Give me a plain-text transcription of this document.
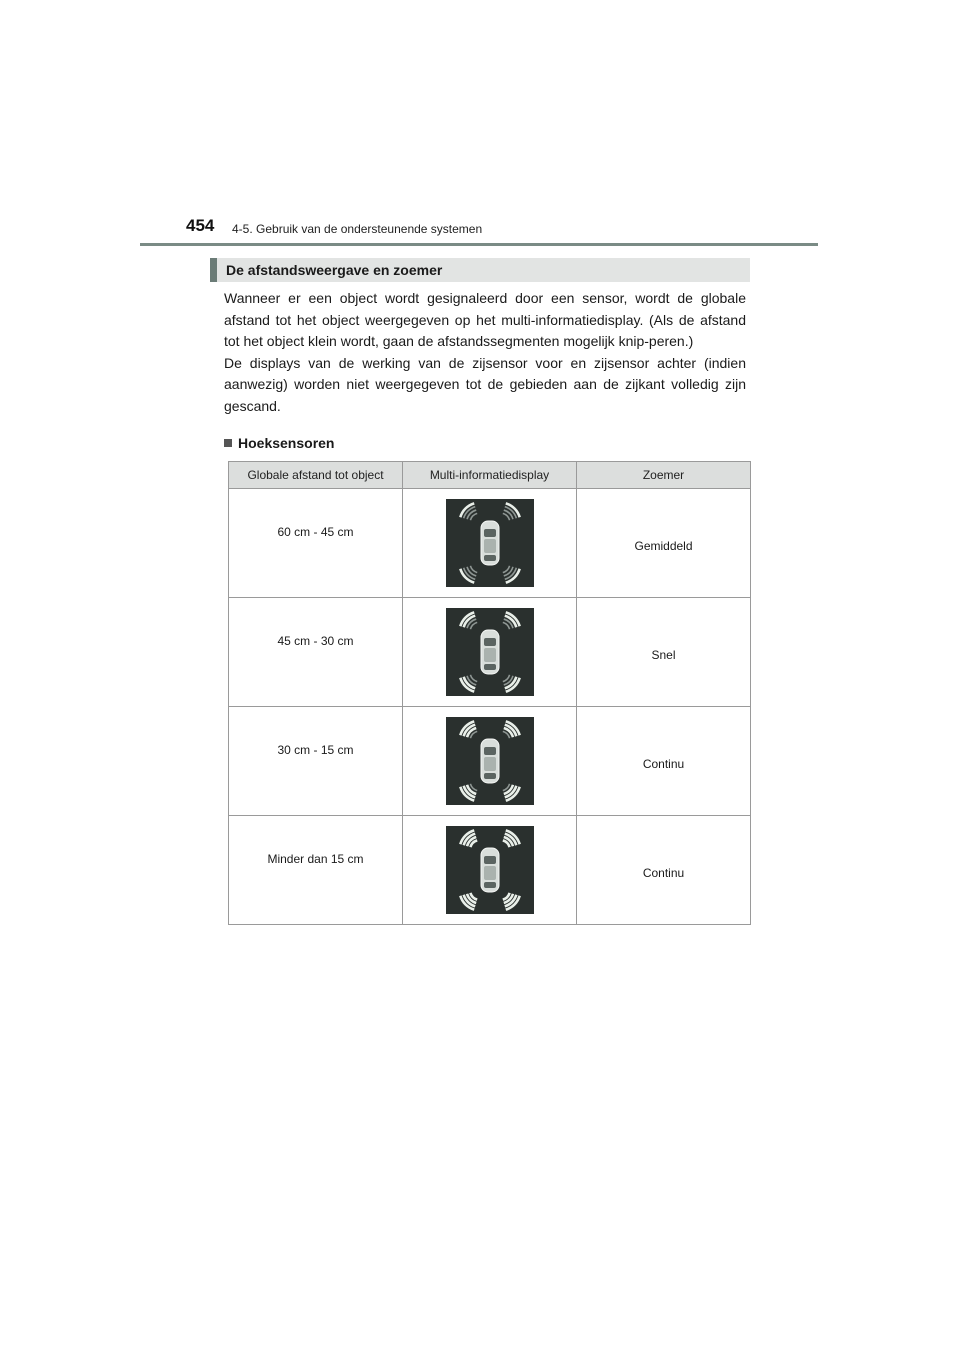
454 4-5. Gebruik van de ondersteunende systemen
De afstandsweergave en zoemer

Wanneer er een object wordt gesignaleerd door een sensor, wordt de globale afstand tot het object weergegeven op het multi-informatiedisplay. (Als de afstand tot het object klein wordt, gaan de afstandssegmenten mogelijk knip-peren.)

De displays van de werking van de zijsensor voor en zijsensor achter (indien aanwezig) worden niet weergegeven tot de gebieden aan de zijkant volledig zijn gescand.

Hoeksensoren
Globale afstand tot object	Multi-informatiedisplay	Zoemer
60 cm - 45 cm		Gemiddeld
45 cm - 30 cm		Snel
30 cm - 15 cm		Continu
Minder dan 15 cm		Continu
